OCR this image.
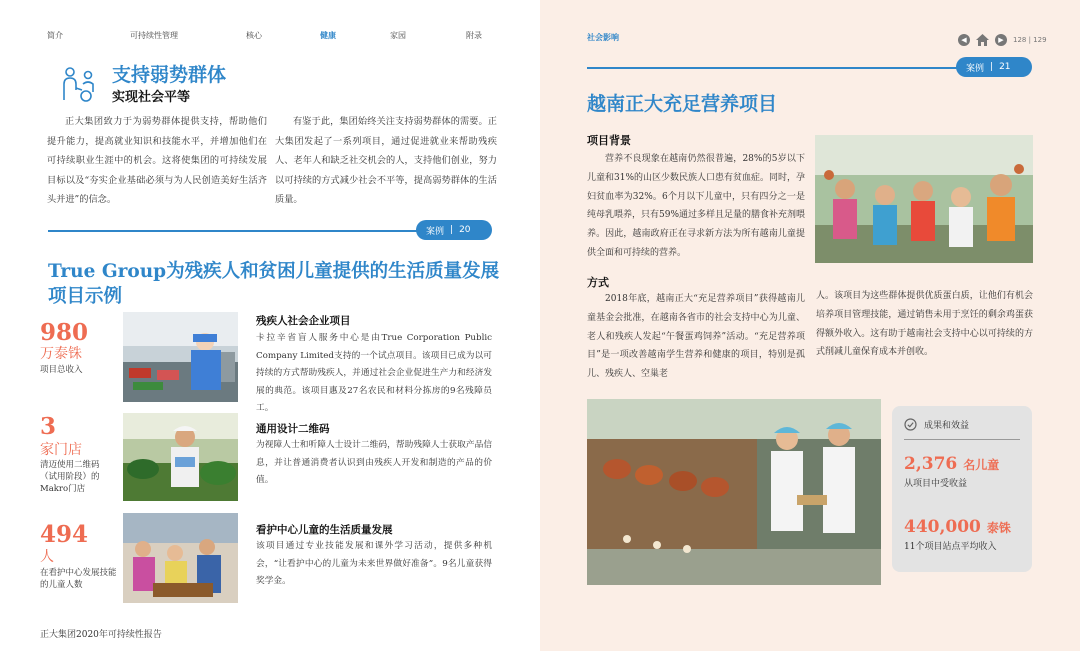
简介	可持续性管理	核心	健康	家园	附录
支持弱势群体
实现社会平等
正大集团致力于为弱势群体提供支持，帮助他们提升能力，提高就业知识和技能水平，并增加他们在可持续职业生涯中的机会。这将使集团的可持续发展目标以及“夯实企业基础必须与为人民创造美好生活齐头并进”的信念。
有鉴于此，集团始终关注支持弱势群体的需要。正大集团发起了一系列项目，通过促进就业来帮助残疾人、老年人和缺乏社交机会的人，支持他们创业，努力以可持续的方式减少社会不平等，提高弱势群体的生活质量。
案例 | 20
True Group为残疾人和贫困儿童提供的生活质量发展项目示例
980
万泰铢
项目总收入
残疾人社会企业项目
卡拉辛省盲人服务中心是由True Corporation Public Company Limited支持的一个试点项目。该项目已成为以可持续的方式帮助残疾人，并通过社会企业促进生产力和经济发展的典范。该项目惠及27名农民和材料分拣房的9名残障员工。
3
家门店
清迈使用二维码（试用阶段）的Makro门店
通用设计二维码
为视障人士和听障人士设计二维码，帮助残障人士获取产品信息，并让普通消费者认识到由残疾人开发和制造的产品的价值。
494
人
在看护中心发展技能的儿童人数
看护中心儿童的生活质量发展
该项目通过专业技能发展和课外学习活动，提供多种机会，“让看护中心的儿童为未来世界做好准备”。9名儿童获得奖学金。
正大集团2020年可持续性报告
社会影响	◀	▶	128 | 129
案例 | 21
越南正大充足营养项目
项目背景
营养不良现象在越南仍然很普遍，28%的5岁以下儿童和31%的山区少数民族人口患有贫血症。同时，孕妇贫血率为32%。6个月以下儿童中，只有四分之一是纯母乳喂养，只有59%通过多样且足量的膳食补充剂喂养。因此，越南政府正在寻求新方法为所有越南儿童提供全面和可持续的营养。
方式
2018年底，越南正大“充足营养项目”获得越南儿童基金会批准，在越南各省市的社会支持中心为儿童、老人和残疾人发起“午餐蛋鸡饲养”活动。“充足营养项目”是一项改善越南学生营养和健康的项目，特别是孤儿、残疾人、空巢老
人。该项目为这些群体提供优质蛋白质，让他们有机会培养项目管理技能，通过销售未用于烹饪的剩余鸡蛋获得额外收入。这有助于越南社会支持中心以可持续的方式削减儿童保育成本并创收。
成果和效益
2,376 名儿童
从项目中受收益
440,000 泰铢
11个项目站点平均收入
